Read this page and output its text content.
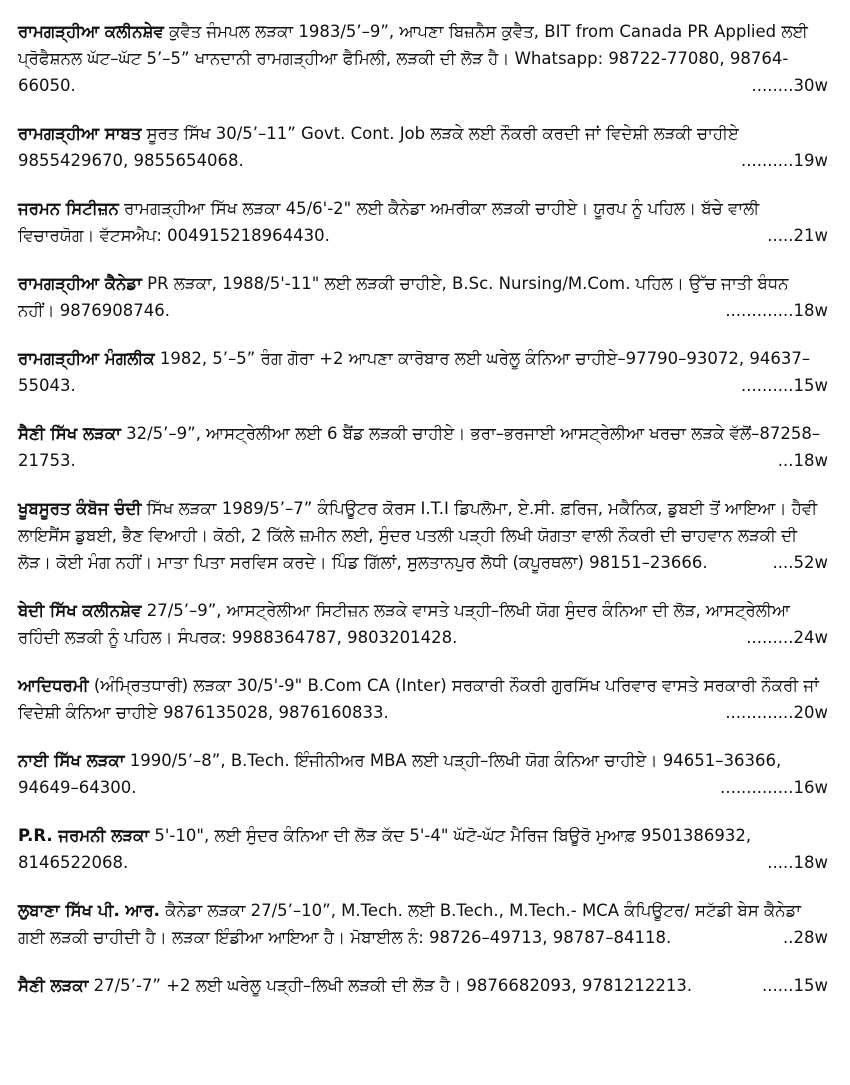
ਰਾਮਗੜ੍ਹੀਆ ਕਲੀਨਸ਼ੇਵ ਕੁਵੈਤ ਜੰਮਪਲ ਲੜਕਾ 1983/5’–9”, ਆਪਣਾ ਬਿਜ਼ਨੈਸ ਕੁਵੈਤ, BIT from Canada PR Applied ਲਈ ਪ੍ਰੋਫੈਸ਼ਨਲ ਘੱਟ–ਘੱਟ 5’–5” ਖਾਨਦਾਨੀ ਰਾਮਗੜ੍ਹੀਆ ਫੈਮਿਲੀ, ਲੜਕੀ ਦੀ ਲੋੜ ਹੈ। Whatsapp: 98722-77080, 98764-66050.	........30w

ਰਾਮਗੜ੍ਹੀਆ ਸਾਬਤ ਸੂਰਤ ਸਿੱਖ 30/5’–11” Govt. Cont. Job ਲੜਕੇ ਲਈ ਨੌਕਰੀ ਕਰਦੀ ਜਾਂ ਵਿਦੇਸ਼ੀ ਲੜਕੀ ਚਾਹੀਏ 9855429670, 9855654068.	..........19w

ਜਰਮਨ ਸਿਟੀਜ਼ਨ ਰਾਮਗੜ੍ਹੀਆ ਸਿੱਖ ਲੜਕਾ 45/6'-2" ਲਈ ਕੈਨੇਡਾ ਅਮਰੀਕਾ ਲੜਕੀ ਚਾਹੀਏ। ਯੂਰਪ ਨੂੰ ਪਹਿਲ। ਬੱਚੇ ਵਾਲੀ ਵਿਚਾਰਯੋਗ। ਵੱਟਸਐਪ: 004915218964430.	.....21w

ਰਾਮਗੜ੍ਹੀਆ ਕੈਨੇਡਾ PR ਲੜਕਾ, 1988/5'-11" ਲਈ ਲੜਕੀ ਚਾਹੀਏ, B.Sc. Nursing/M.Com. ਪਹਿਲ। ਉੱਚ ਜਾਤੀ ਬੰਧਨ ਨਹੀਂ। 9876908746.	.............18w

ਰਾਮਗੜ੍ਹੀਆ ਮੰਗਲੀਕ 1982, 5’–5” ਰੰਗ ਗੋਰਾ +2 ਆਪਣਾ ਕਾਰੋਬਾਰ ਲਈ ਘਰੇਲੂ ਕੰਨਿਆ ਚਾਹੀਏ–97790–93072, 94637–55043.	..........15w

ਸੈਣੀ ਸਿੱਖ ਲੜਕਾ 32/5’–9”, ਆਸਟ੍ਰੇਲੀਆ ਲਈ 6 ਬੈਂਡ ਲੜਕੀ ਚਾਹੀਏ। ਭਰਾ–ਭਰਜਾਈ ਆਸਟ੍ਰੇਲੀਆ ਖਰਚਾ ਲੜਕੇ ਵੱਲੋਂ–87258–21753.	...18w

ਖੂਬਸੂਰਤ ਕੰਬੋਜ ਚੰਦੀ ਸਿੱਖ ਲੜਕਾ 1989/5’–7” ਕੰਪਿਊਟਰ ਕੋਰਸ I.T.I ਡਿਪਲੋਮਾ, ਏ.ਸੀ. ਫ਼ਰਿਜ, ਮਕੈਨਿਕ, ਡੁਬਈ ਤੋਂ ਆਇਆ। ਹੈਵੀ ਲਾਇਸੈਂਸ ਡੁਬਈ, ਭੈਣ ਵਿਆਹੀ। ਕੋਠੀ, 2 ਕਿੱਲੇ ਜ਼ਮੀਨ ਲਈ, ਸੁੰਦਰ ਪਤਲੀ ਪੜ੍ਹੀ ਲਿਖੀ ਯੋਗਤਾ ਵਾਲੀ ਨੌਕਰੀ ਦੀ ਚਾਹਵਾਨ ਲੜਕੀ ਦੀ ਲੋੜ। ਕੋਈ ਮੰਗ ਨਹੀਂ। ਮਾਤਾ ਪਿਤਾ ਸਰਵਿਸ ਕਰਦੇ। ਪਿੰਡ ਗਿੱਲਾਂ, ਸੁਲਤਾਨਪੁਰ ਲੋਧੀ (ਕਪੂਰਥਲਾ) 98151–23666.	....52w

ਬੇਦੀ ਸਿੱਖ ਕਲੀਨਸ਼ੇਵ 27/5’–9”, ਆਸਟ੍ਰੇਲੀਆ ਸਿਟੀਜ਼ਨ ਲੜਕੇ ਵਾਸਤੇ ਪੜ੍ਹੀ–ਲਿਖੀ ਯੋਗ ਸੁੰਦਰ ਕੰਨਿਆ ਦੀ ਲੋੜ, ਆਸਟ੍ਰੇਲੀਆ ਰਹਿੰਦੀ ਲੜਕੀ ਨੂੰ ਪਹਿਲ। ਸੰਪਰਕ: 9988364787, 9803201428.	.........24w

ਆਦਿਧਰਮੀ (ਅੰਮ੍ਰਿਤਧਾਰੀ) ਲੜਕਾ 30/5'-9" B.Com CA (Inter) ਸਰਕਾਰੀ ਨੌਕਰੀ ਗੁਰਸਿੱਖ ਪਰਿਵਾਰ ਵਾਸਤੇ ਸਰਕਾਰੀ ਨੌਕਰੀ ਜਾਂ ਵਿਦੇਸ਼ੀ ਕੰਨਿਆ ਚਾਹੀਏ 9876135028, 9876160833.	.............20w

ਨਾਈ ਸਿੱਖ ਲੜਕਾ 1990/5’–8”, B.Tech. ਇੰਜੀਨੀਅਰ MBA ਲਈ ਪੜ੍ਹੀ–ਲਿਖੀ ਯੋਗ ਕੰਨਿਆ ਚਾਹੀਏ। 94651–36366, 94649–64300.	..............16w

P.R. ਜਰਮਨੀ ਲੜਕਾ 5'-10", ਲਈ ਸੁੰਦਰ ਕੰਨਿਆ ਦੀ ਲੋੜ ਕੱਦ 5'-4" ਘੱਟੋ-ਘੱਟ ਮੈਰਿਜ ਬਿਊਰੋ ਮੁਆਫ਼ 9501386932, 8146522068.	.....18w

ਲੁਬਾਣਾ ਸਿੱਖ ਪੀ. ਆਰ. ਕੈਨੇਡਾ ਲੜਕਾ 27/5’–10”, M.Tech. ਲਈ B.Tech., M.Tech.- MCA ਕੰਪਿਊਟਰ/ ਸਟੱਡੀ ਬੇਸ ਕੈਨੇਡਾ ਗਈ ਲੜਕੀ ਚਾਹੀਦੀ ਹੈ। ਲੜਕਾ ਇੰਡੀਆ ਆਇਆ ਹੈ। ਮੋਬਾਈਲ ਨੰ: 98726–49713, 98787–84118.	..28w

ਸੈਣੀ ਲੜਕਾ 27/5’-7” +2 ਲਈ ਘਰੇਲੂ ਪੜ੍ਹੀ–ਲਿਖੀ ਲੜਕੀ ਦੀ ਲੋੜ ਹੈ। 9876682093, 9781212213.	......15w
